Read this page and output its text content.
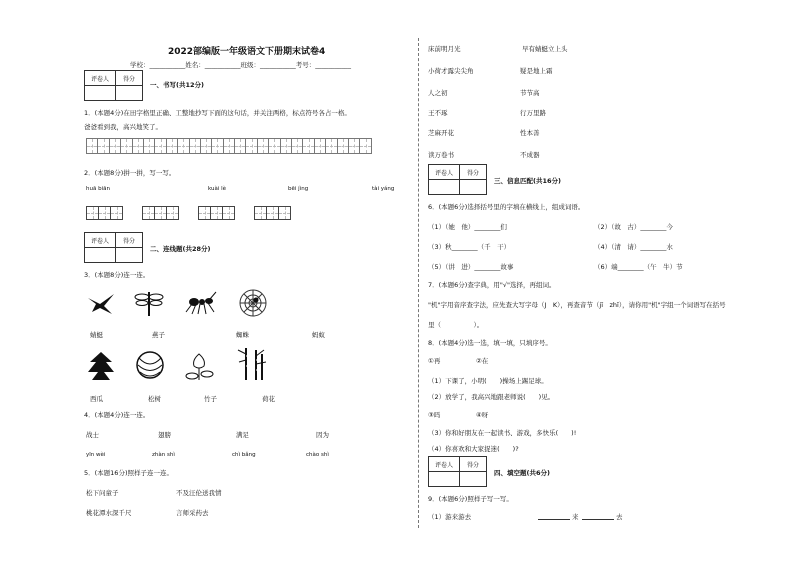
2022部编版一年级语文下册期末试卷4
学校：___________姓名：___________班级：___________考号：___________
评卷人	得分

一、书写(共12分)
1．(本题4分)在田字格里正确、工整地抄写下面的这句话，并关注两格，标点符号各占一格。
爸爸看到我，高兴地笑了。
2．(本题8分)拼一拼，写一写。
huā biān	kuài lè	bēi jìng	tài yáng
评卷人	得分

二、连线题(共28分)
3．(本题8分)连一连。
蜻蜓	燕子	蜘蛛	蚂蚁
西瓜	松树	竹子	荷花
4．(本题4分)连一连。
战士	翅膀	满足	因为
yīn wèi	zhàn shì	chì bǎng	chào shì
5．(本题16分)照样子连一连。
松下问童子	不及汪伦送我情
桃花潭水深千尺	言师采药去
床前明月光	早有蜻蜓立上头
小荷才露尖尖角	疑是地上霜
人之初	节节高
王不琢	行万里路
芝麻开花	性本善
读万卷书	不成器
评卷人	得分

三、信息匹配(共16分)
6．(本题6分)选择括号里的字填在横线上，组成词语。
（1）（她　他）________们	（2）（故　古）________今
（3）秋________（千　干）	（4）（清　请）________水
（5）（讲　进）________故事	（6）端________（午　牛）节
7．(本题6分)查字典，用"√"选择，再组词。
"机"字用音序查字法，应先查大写字母（J　K），再查音节（jī　zhī），请你用"机"字组一个词语写在括号
里（　　　　　）。
8．(本题4分)选一选，填一填，只填序号。
①再	②在
（1）下课了，小明(　　)操场上踢足球。
（2）放学了，我高兴地跟老师说(　　)见。
③吗	④呀
（3）你和好朋友在一起读书、游戏，多快乐(　　)!
（4）你喜欢和大家捉迷(　　)?
评卷人	得分

四、填空题(共6分)
9．(本题6分)照样子写一写。
（1）游来游去	来	去
